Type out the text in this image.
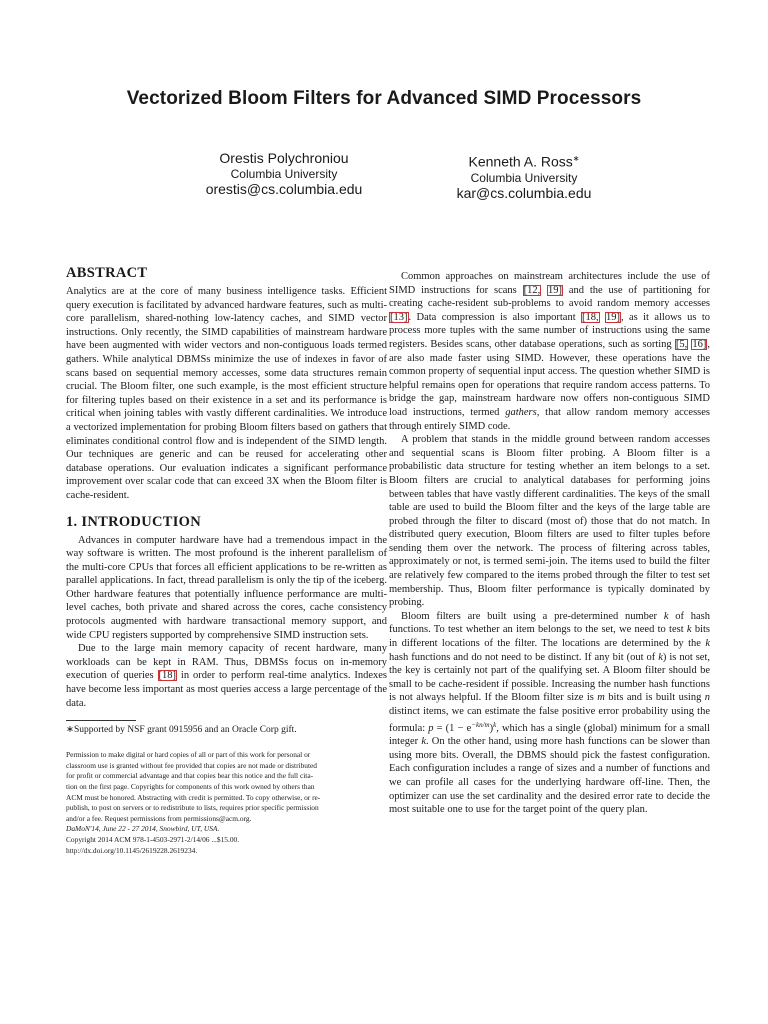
Vectorized Bloom Filters for Advanced SIMD Processors
Orestis Polychroniou
Columbia University
orestis@cs.columbia.edu
Kenneth A. Ross∗
Columbia University
kar@cs.columbia.edu
ABSTRACT

Analytics are at the core of many business intelligence tasks. Efficient query execution is facilitated by advanced hardware features, such as multi-core parallelism, shared-nothing low-latency caches, and SIMD vector instructions. Only recently, the SIMD capabilities of mainstream hardware have been augmented with wider vectors and non-contiguous loads termed gathers. While analytical DBMSs minimize the use of indexes in favor of scans based on sequential memory accesses, some data structures remain crucial. The Bloom filter, one such example, is the most efficient structure for filtering tuples based on their existence in a set and its performance is critical when joining tables with vastly different cardinalities. We introduce a vectorized implementation for probing Bloom filters based on gathers that eliminates conditional control flow and is independent of the SIMD length. Our techniques are generic and can be reused for accelerating other database operations. Our evaluation indicates a significant performance improvement over scalar code that can exceed 3X when the Bloom filter is cache-resident.

1. INTRODUCTION

Advances in computer hardware have had a tremendous impact in the way software is written. The most profound is the inherent parallelism of the multi-core CPUs that forces all efficient applications to be re-written as parallel applications. In fact, thread parallelism is only the tip of the iceberg. Other hardware features that potentially influence performance are multi-level caches, both private and shared across the cores, cache consistency protocols augmented with hardware transactional memory support, and wide CPU registers supported by comprehensive SIMD instruction sets.

Due to the large main memory capacity of recent hardware, many workloads can be kept in RAM. Thus, DBMSs focus on in-memory execution of queries [18] in order to perform real-time analytics. Indexes have become less important as most queries access a large percentage of the data.

∗Supported by NSF grant 0915956 and an Oracle Corp gift.
Permission to make digital or hard copies of all or part of this work for personal or
classroom use is granted without fee provided that copies are not made or distributed
for profit or commercial advantage and that copies bear this notice and the full cita-
tion on the first page. Copyrights for components of this work owned by others than
ACM must be honored. Abstracting with credit is permitted. To copy otherwise, or re-
publish, to post on servers or to redistribute to lists, requires prior specific permission
and/or a fee. Request permissions from permissions@acm.org.
DaMoN'14, June 22 - 27 2014, Snowbird, UT, USA.
Copyright 2014 ACM 978-1-4503-2971-2/14/06 ...$15.00.
http://dx.doi.org/10.1145/2619228.2619234.

Common approaches on mainstream architectures include the use of SIMD instructions for scans [12, 19] and the use of partitioning for creating cache-resident sub-problems to avoid random memory accesses [13]. Data compression is also important [18, 19], as it allows us to process more tuples with the same number of instructions using the same registers. Besides scans, other database operations, such as sorting [5, 16], are also made faster using SIMD. However, these operations have the common property of sequential input access. The question whether SIMD is helpful remains open for operations that require random access patterns. To bridge the gap, mainstream hardware now offers non-contiguous SIMD load instructions, termed gathers, that allow random memory accesses through entirely SIMD code.

A problem that stands in the middle ground between random accesses and sequential scans is Bloom filter probing. A Bloom filter is a probabilistic data structure for testing whether an item belongs to a set. Bloom filters are crucial to analytical databases for performing joins between tables that have vastly different cardinalities. The keys of the small table are used to build the Bloom filter and the keys of the large table are probed through the filter to discard (most of) those that do not match. In distributed query execution, Bloom filters are used to filter tuples before sending them over the network. The process of filtering across tables, approximately or not, is termed semi-join. The items used to build the filter are relatively few compared to the items probed through the filter to test set membership. Thus, Bloom filter performance is typically dominated by probing.

Bloom filters are built using a pre-determined number k of hash functions. To test whether an item belongs to the set, we need to test k bits in different locations of the filter. The locations are determined by the k hash functions and do not need to be distinct. If any bit (out of k) is not set, the key is certainly not part of the qualifying set. A Bloom filter should be small to be cache-resident if possible. Increasing the number hash functions is not always helpful. If the Bloom filter size is m bits and is built using n distinct items, we can estimate the false positive error probability using the formula: $p = (1 - e^{-kn/m})^k$, which has a single (global) minimum for a small integer k. On the other hand, using more hash functions can be slower than using more bits. Overall, the DBMS should pick the fastest configuration. Each configuration includes a range of sizes and a number of functions and we can profile all cases for the underlying hardware off-line. Then, the optimizer can use the set cardinality and the desired error rate to decide the most suitable one to use for the target point of the query plan.
